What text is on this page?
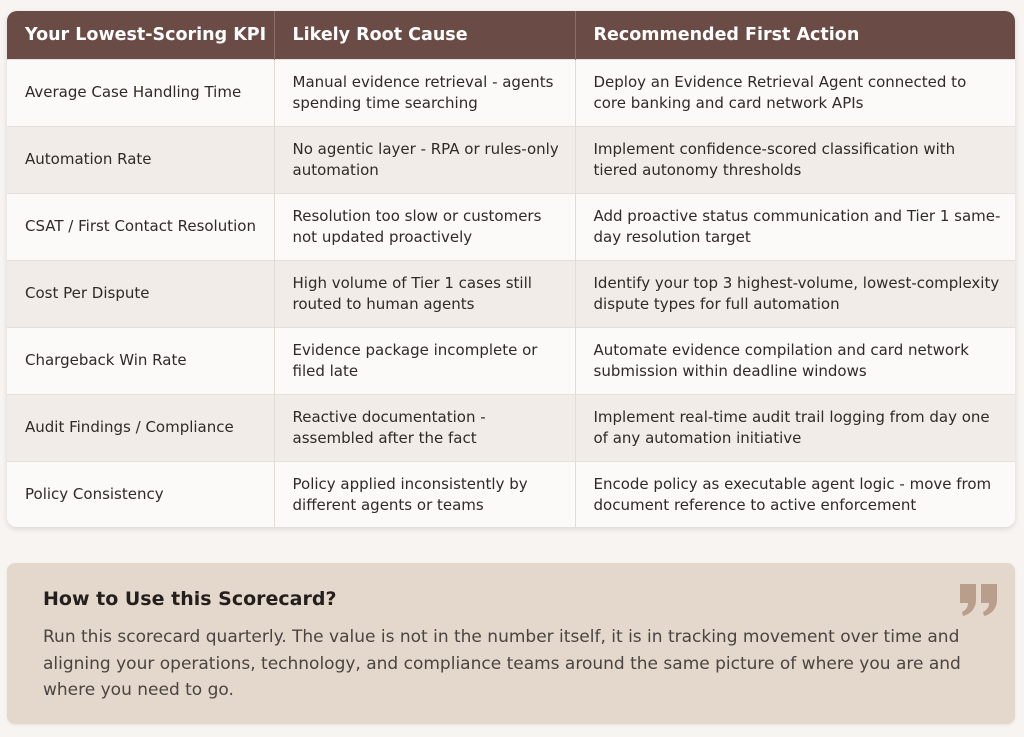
Your Lowest-Scoring KPI	Likely Root Cause	Recommended First Action
Average Case Handling Time	Manual evidence retrieval - agents spending time searching	Deploy an Evidence Retrieval Agent connected to core banking and card network APIs
Automation Rate	No agentic layer - RPA or rules-only automation	Implement confidence-scored classification with tiered autonomy thresholds
CSAT / First Contact Resolution	Resolution too slow or customers not updated proactively	Add proactive status communication and Tier 1 same-day resolution target
Cost Per Dispute	High volume of Tier 1 cases still routed to human agents	Identify your top 3 highest-volume, lowest-complexity dispute types for full automation
Chargeback Win Rate	Evidence package incomplete or filed late	Automate evidence compilation and card network submission within deadline windows
Audit Findings / Compliance	Reactive documentation - assembled after the fact	Implement real-time audit trail logging from day one of any automation initiative
Policy Consistency	Policy applied inconsistently by different agents or teams	Encode policy as executable agent logic - move from document reference to active enforcement
How to Use this Scorecard?
Run this scorecard quarterly. The value is not in the number itself, it is in tracking movement over time and aligning your operations, technology, and compliance teams around the same picture of where you are and where you need to go.
